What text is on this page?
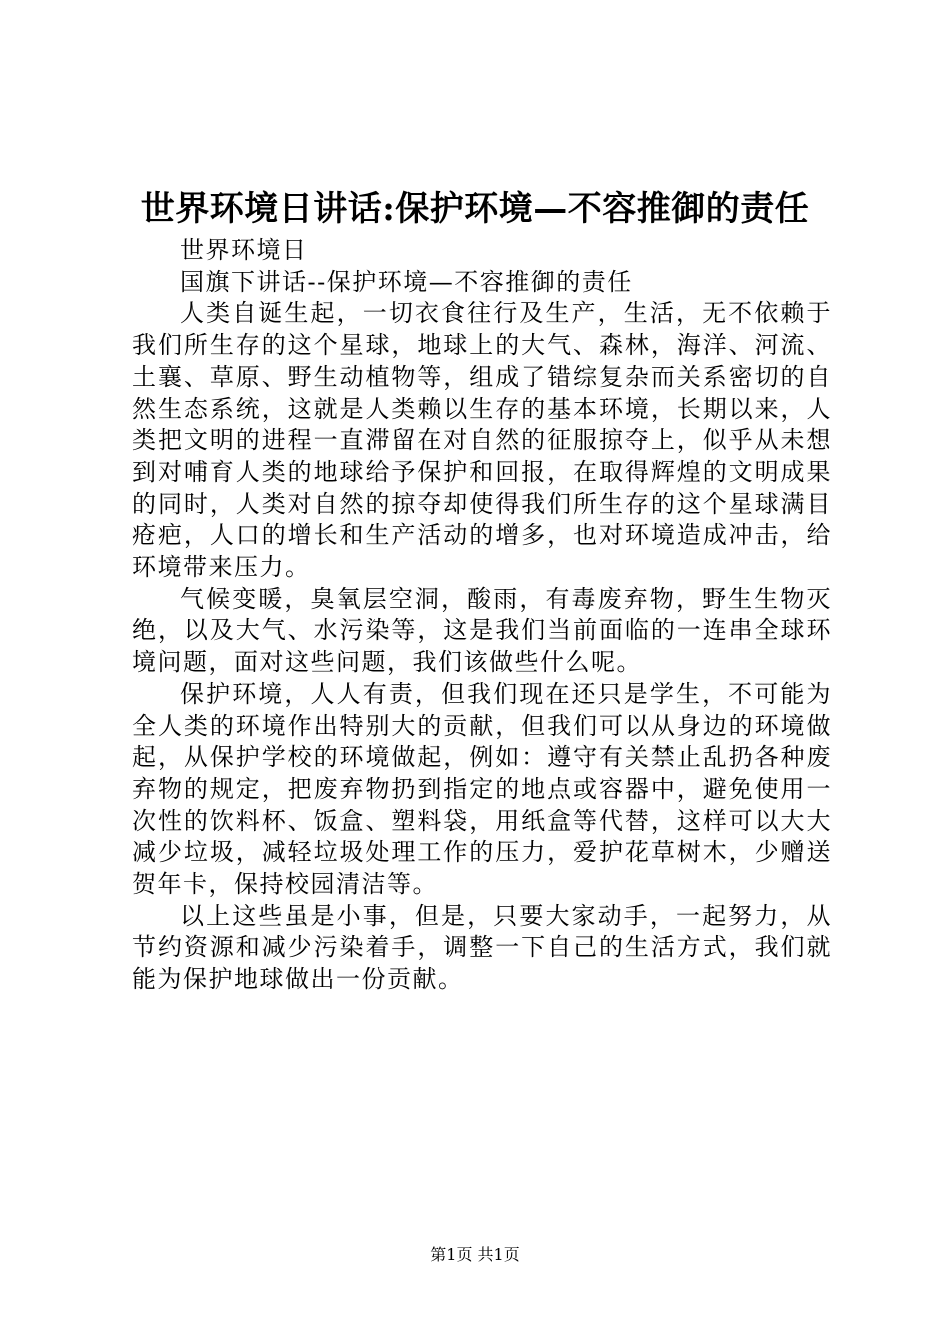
世界环境日讲话:保护环境—不容推御的责任

世界环境日

国旗下讲话--保护环境—不容推御的责任

人类自诞生起，一切衣食往行及生产，生活，无不依赖于我们所生存的这个星球，地球上的大气、森林，海洋、河流、土襄、草原、野生动植物等，组成了错综复杂而关系密切的自然生态系统，这就是人类赖以生存的基本环境，长期以来，人类把文明的进程一直滞留在对自然的征服掠夺上，似乎从未想到对哺育人类的地球给予保护和回报，在取得辉煌的文明成果的同时，人类对自然的掠夺却使得我们所生存的这个星球满目疮疤，人口的增长和生产活动的增多，也对环境造成冲击，给环境带来压力。

气候变暖，臭氧层空洞，酸雨，有毒废弃物，野生生物灭绝，以及大气、水污染等，这是我们当前面临的一连串全球环境问题，面对这些问题，我们该做些什么呢。

保护环境，人人有责，但我们现在还只是学生，不可能为全人类的环境作出特别大的贡献，但我们可以从身边的环境做起，从保护学校的环境做起，例如：遵守有关禁止乱扔各种废弃物的规定，把废弃物扔到指定的地点或容器中，避免使用一次性的饮料杯、饭盒、塑料袋，用纸盒等代替，这样可以大大减少垃圾，减轻垃圾处理工作的压力，爱护花草树木，少赠送贺年卡，保持校园清洁等。

以上这些虽是小事，但是，只要大家动手，一起努力，从节约资源和减少污染着手，调整一下自己的生活方式，我们就能为保护地球做出一份贡献。

第1页 共1页
